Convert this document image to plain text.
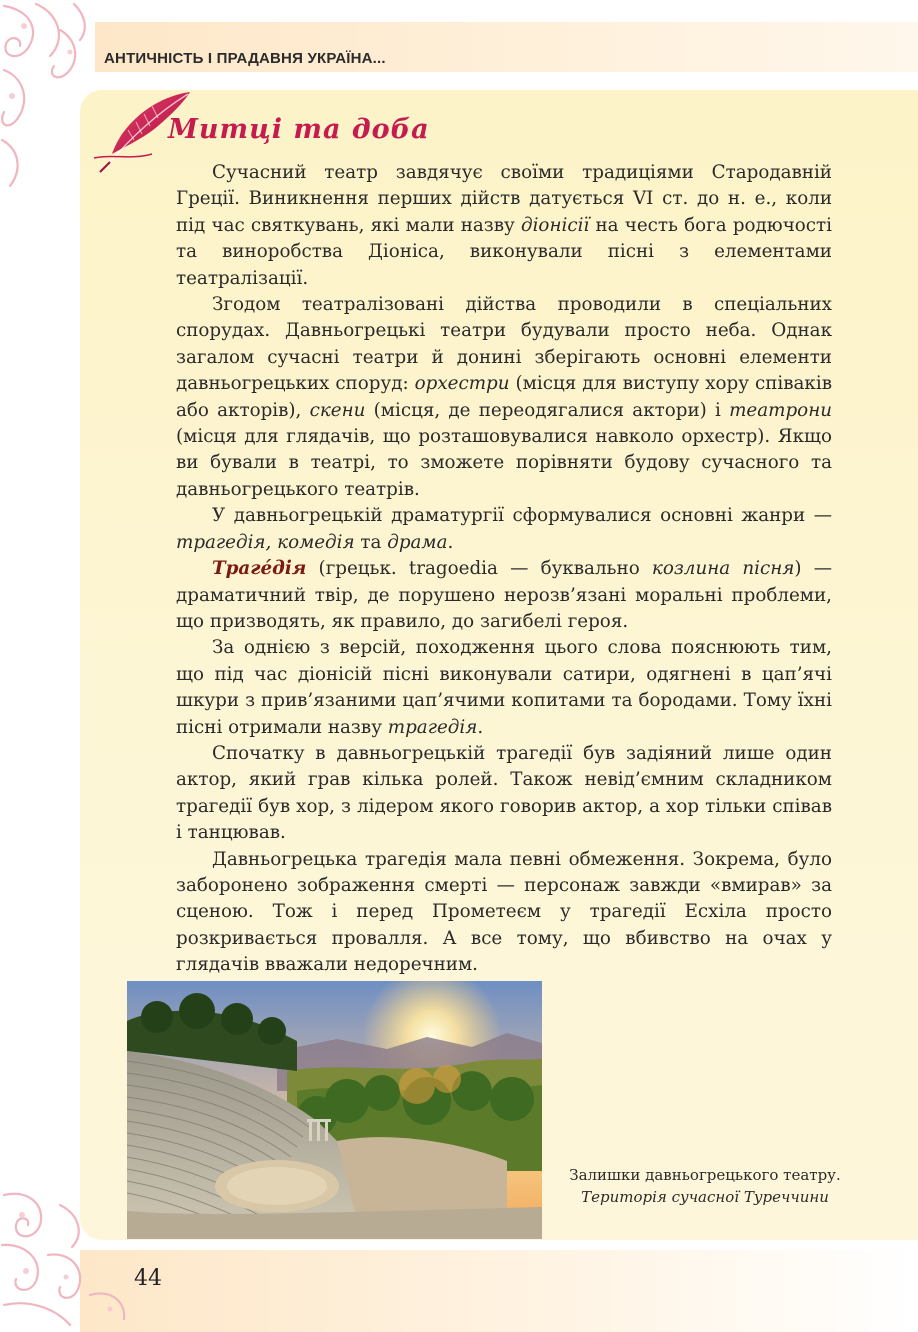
АНТИЧНІСТЬ І ПРАДАВНЯ УКРАЇНА...
Митці та доба

Сучасний театр завдячує своїми традиціями Стародавній Греції. Виникнення перших дійств датується VI ст. до н. е., коли під час святкувань, які мали назву діонісії на честь бога родючості та виноробства Діоніса, виконували пісні з елементами театралізації.

Згодом театралізовані дійства проводили в спеціальних спорудах. Давньогрецькі театри будували просто неба. Однак загалом сучасні театри й донині зберігають основні елементи давньогрецьких споруд: орхестри (місця для виступу хору співаків або акторів), скени (місця, де переодягалися актори) і театрони (місця для глядачів, що розташовувалися навколо орхестр). Якщо ви бували в театрі, то зможете порівняти будову сучасного та давньогрецького театрів.

У давньогрецькій драматургії сформувалися основні жанри — трагедія, комедія та драма.

Трагéдія (грецьк. tragoedia — буквально козлина пісня) — драматичний твір, де порушено нерозв’язані моральні проблеми, що призводять, як правило, до загибелі героя.

За однією з версій, походження цього слова пояснюють тим, що під час діонісій пісні виконували сатири, одягнені в цап’ячі шкури з прив’язаними цап’ячими копитами та бородами. Тому їхні пісні отримали назву трагедія.

Спочатку в давньогрецькій трагедії був задіяний лише один актор, який грав кілька ролей. Також невід’ємним складником трагедії був хор, з лідером якого говорив актор, а хор тільки співав і танцював.

Давньогрецька трагедія мала певні обмеження. Зокрема, було заборонено зображення смерті — персонаж завжди «вмирав» за сценою. Тож і перед Прометеєм у трагедії Есхіла просто розкривається провалля. А все тому, що вбивство на очах у глядачів вважали недоречним.

Залишки давньогрецького театру. Територія сучасної Туреччини
44
